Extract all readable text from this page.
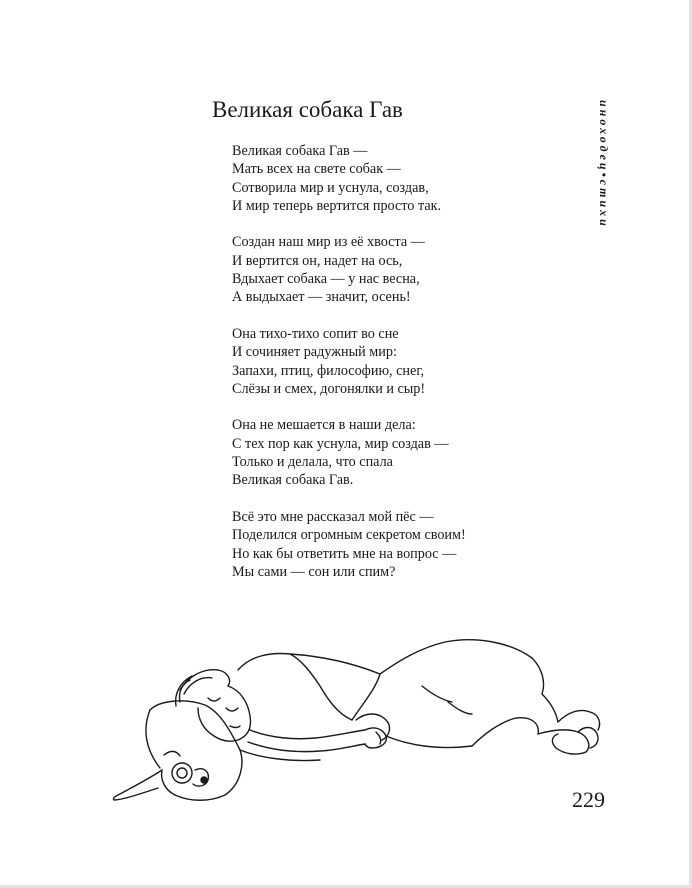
Великая собака Гав	иноходец•стихи
Великая собака Гав —
Мать всех на свете собак —
Сотворила мир и уснула, создав,
И мир теперь вертится просто так.
Создан наш мир из её хвоста —
И вертится он, надет на ось,
Вдыхает собака — у нас весна,
А выдыхает — значит, осень!
Она тихо-тихо сопит во сне
И сочиняет радужный мир:
Запахи, птиц, философию, снег,
Слёзы и смех, догонялки и сыр!
Она не мешается в наши дела:
С тех пор как уснула, мир создав —
Только и делала, что спала
Великая собака Гав.
Всё это мне рассказал мой пёс —
Поделился огромным секретом своим!
Но как бы ответить мне на вопрос —
Мы сами — сон или спим?
229
